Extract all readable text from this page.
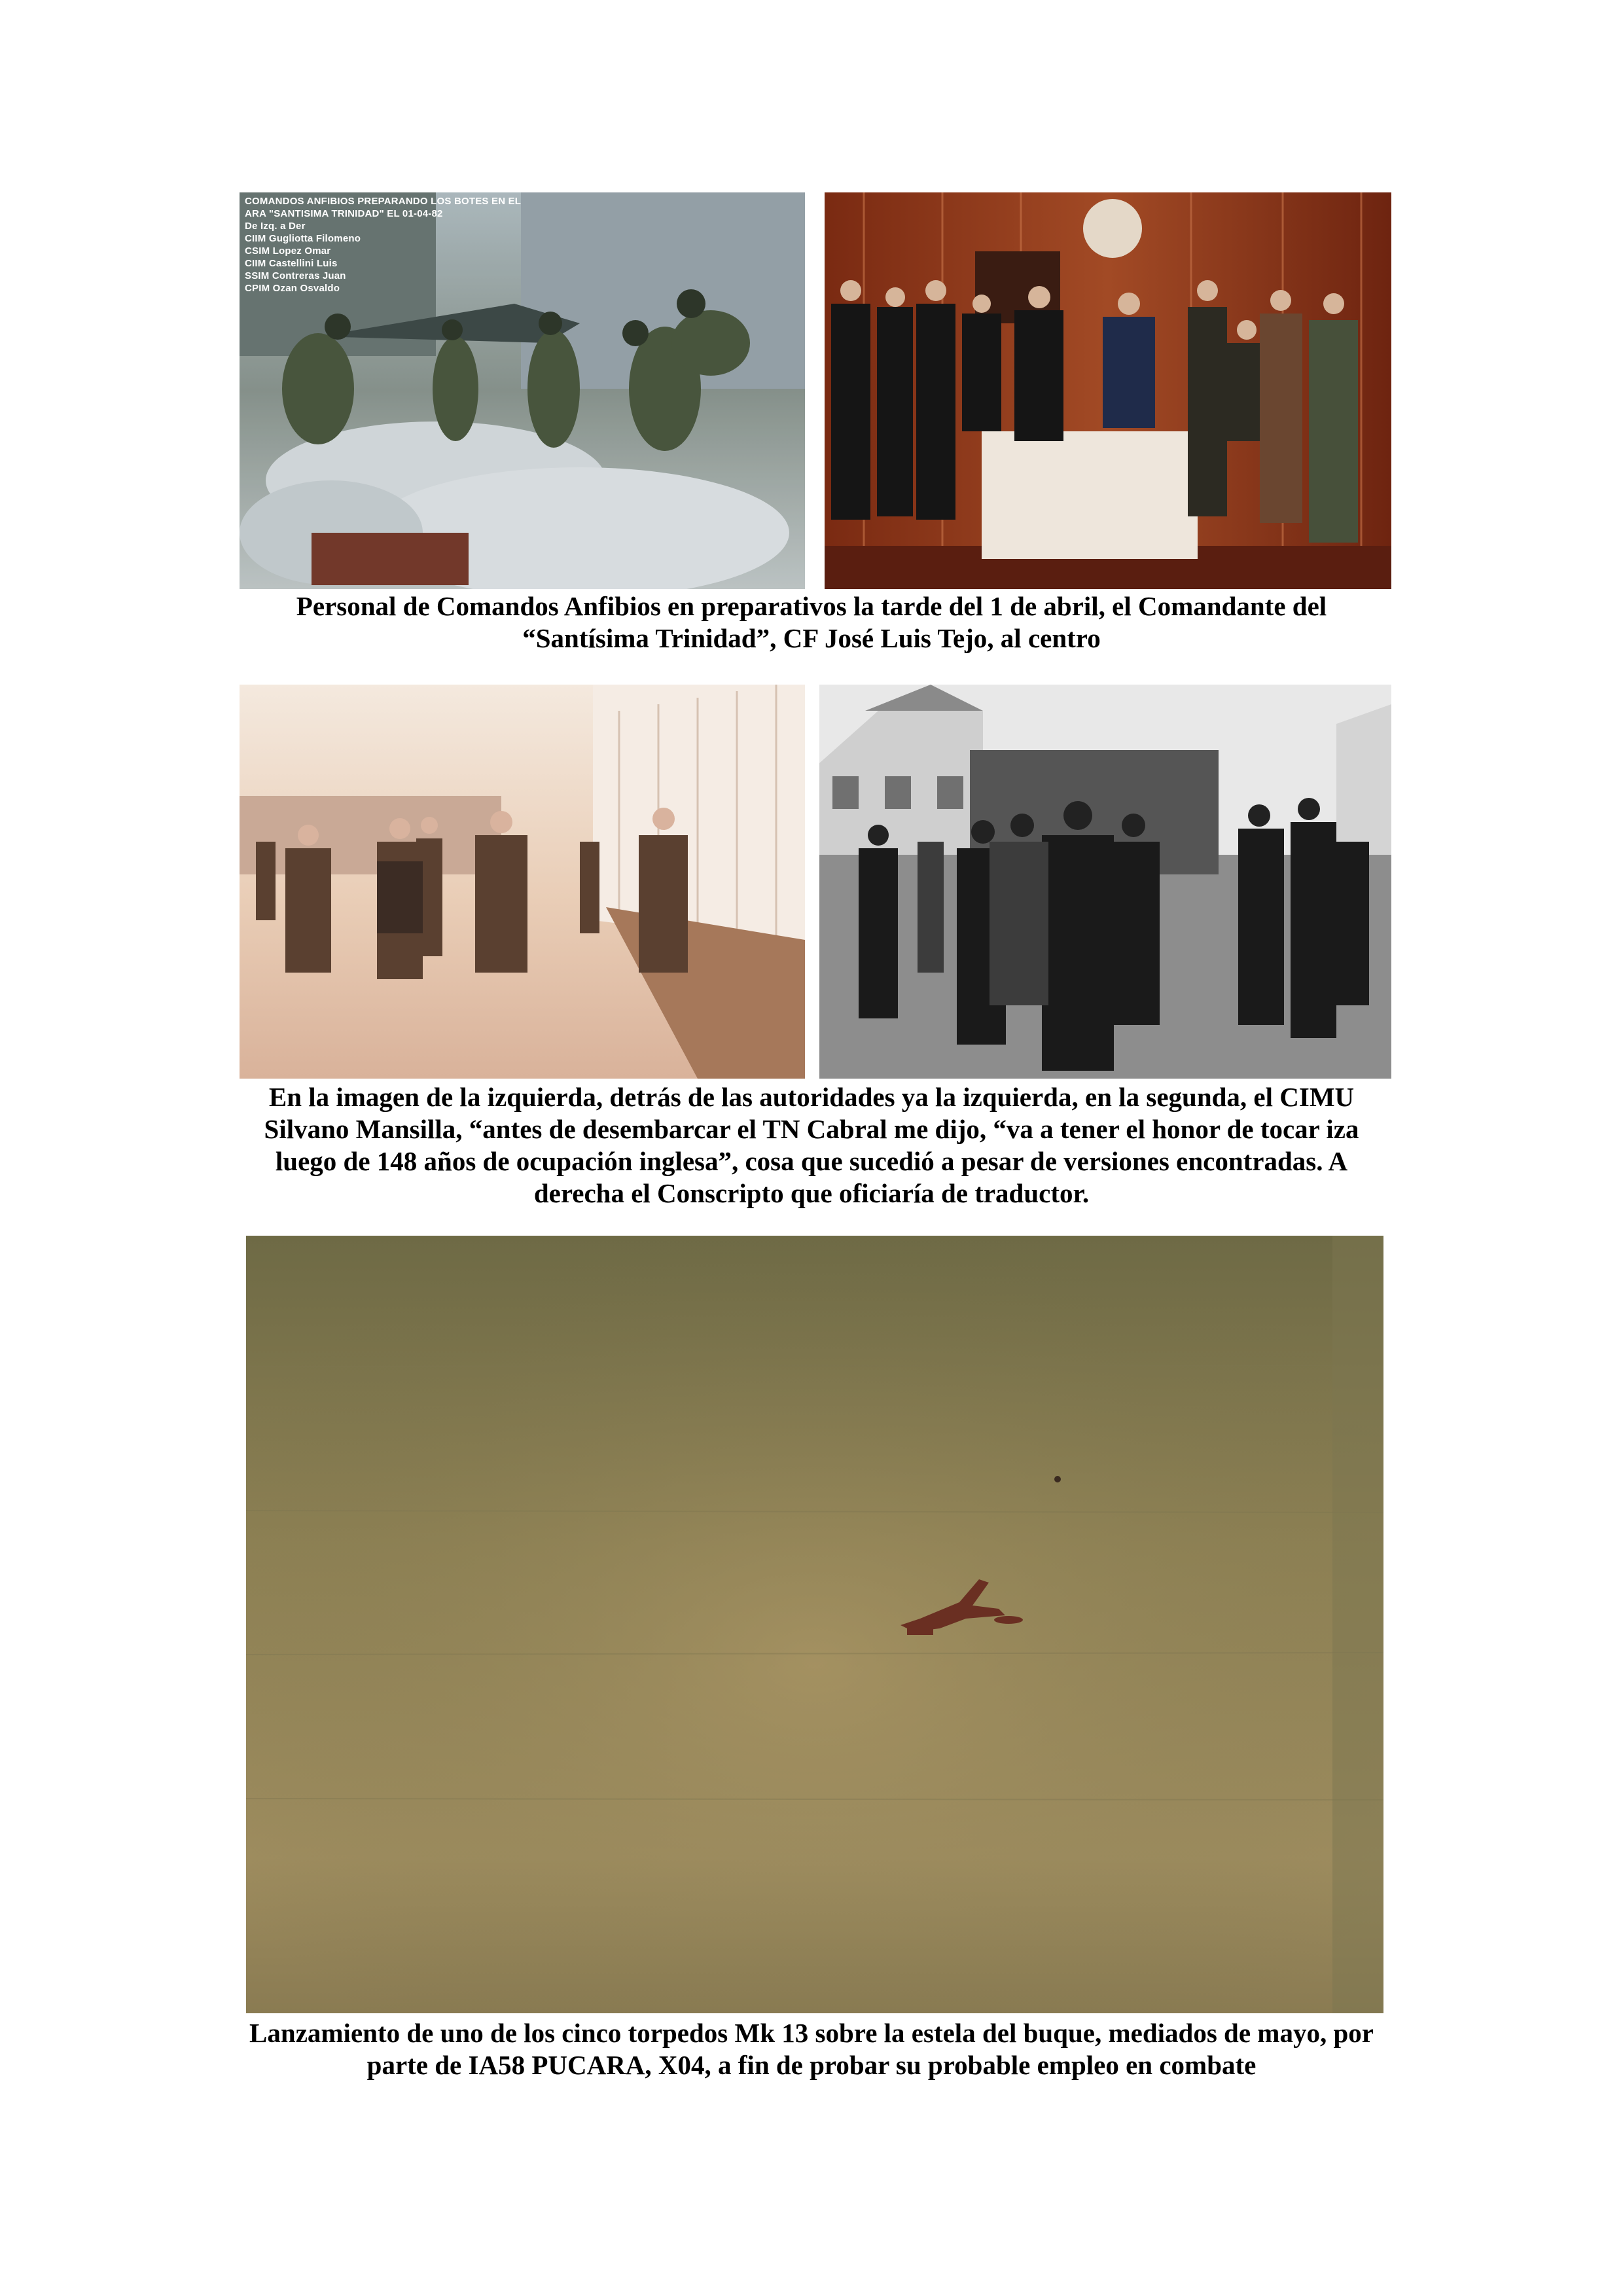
COMANDOS ANFIBIOS PREPARANDO LOS BOTES EN EL
ARA "SANTISIMA TRINIDAD" EL 01-04-82
De Izq. a Der
CIIM Gugliotta Filomeno
CSIM Lopez Omar
CIIM Castellini Luis
SSIM Contreras Juan
CPIM Ozan Osvaldo
Personal de Comandos Anfibios en preparativos la tarde del 1 de abril, el Comandante del
“Santísima Trinidad”, CF José Luis Tejo, al centro
En la imagen de la izquierda, detrás de las autoridades ya la izquierda, en la segunda, el CIMU
Silvano Mansilla, “antes de desembarcar el TN Cabral me dijo, “va a tener el honor de tocar iza
luego de 148 años de ocupación inglesa”, cosa que sucedió a pesar de versiones encontradas. A
derecha el Conscripto que oficiaría de traductor.
Lanzamiento de uno de los cinco torpedos Mk 13 sobre la estela del buque, mediados de mayo, por
parte de IA58 PUCARA, X04, a fin de probar su probable empleo en combate
